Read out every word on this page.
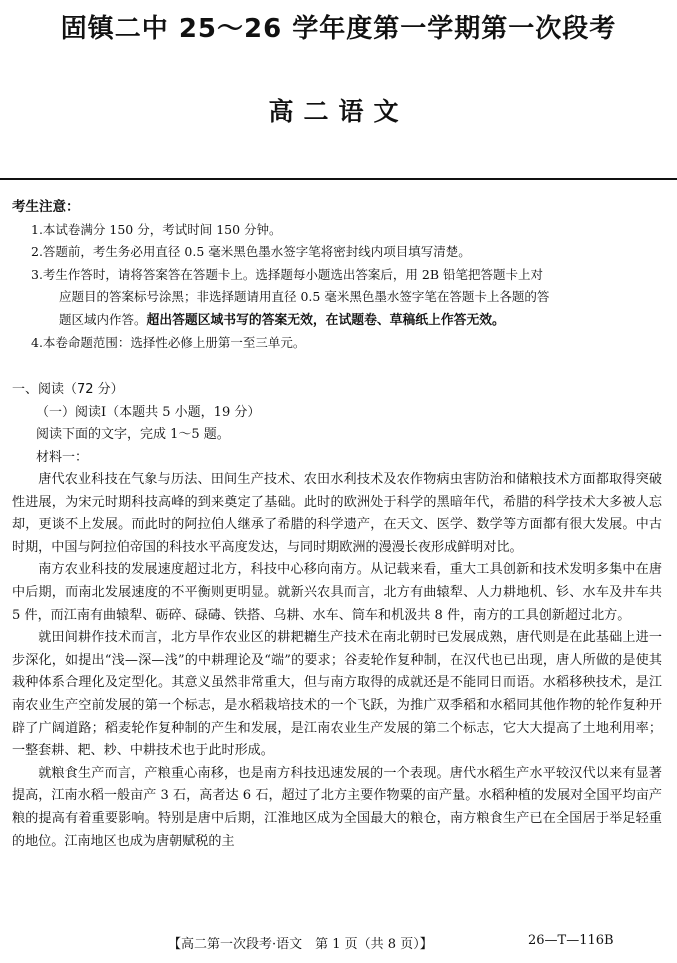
固镇二中 25～26 学年度第一学期第一次段考
高二语文
考生注意：
1.本试卷满分 150 分，考试时间 150 分钟。
2.答题前，考生务必用直径 0.5 毫米黑色墨水签字笔将密封线内项目填写清楚。
3.考生作答时，请将答案答在答题卡上。选择题每小题选出答案后，用 2B 铅笔把答题卡上对
应题目的答案标号涂黑；非选择题请用直径 0.5 毫米黑色墨水签字笔在答题卡上各题的答
题区域内作答。超出答题区域书写的答案无效，在试题卷、草稿纸上作答无效。
4.本卷命题范围：选择性必修上册第一至三单元。
一、阅读（72 分）
（一）阅读Ⅰ（本题共 5 小题，19 分）
阅读下面的文字，完成 1～5 题。
材料一：

唐代农业科技在气象与历法、田间生产技术、农田水利技术及农作物病虫害防治和储粮技术方面都取得突破性进展，为宋元时期科技高峰的到来奠定了基础。此时的欧洲处于科学的黑暗年代，希腊的科学技术大多被人忘却，更谈不上发展。而此时的阿拉伯人继承了希腊的科学遗产，在天文、医学、数学等方面都有很大发展。中古时期，中国与阿拉伯帝国的科技水平高度发达，与同时期欧洲的漫漫长夜形成鲜明对比。

南方农业科技的发展速度超过北方，科技中心移向南方。从记载来看，重大工具创新和技术发明多集中在唐中后期，而南北发展速度的不平衡则更明显。就新兴农具而言，北方有曲辕犁、人力耕地机、钐、水车及井车共 5 件，而江南有曲辕犁、砺碎、碌碡、铁搭、乌耕、水车、筒车和机汲共 8 件，南方的工具创新超过北方。

就田间耕作技术而言，北方旱作农业区的耕耙耱生产技术在南北朝时已发展成熟，唐代则是在此基础上进一步深化，如提出“浅—深—浅”的中耕理论及“端”的要求；谷麦轮作复种制，在汉代也已出现，唐人所做的是使其栽种体系合理化及定型化。其意义虽然非常重大，但与南方取得的成就还是不能同日而语。水稻移秧技术，是江南农业生产空前发展的第一个标志，是水稻栽培技术的一个飞跃，为推广双季稻和水稻同其他作物的轮作复种开辟了广阔道路；稻麦轮作复种制的产生和发展，是江南农业生产发展的第二个标志，它大大提高了土地利用率；一整套耕、耙、耖、中耕技术也于此时形成。

就粮食生产而言，产粮重心南移，也是南方科技迅速发展的一个表现。唐代水稻生产水平较汉代以来有显著提高，江南水稻一般亩产 3 石，高者达 6 石，超过了北方主要作物粟的亩产量。水稻种植的发展对全国平均亩产粮的提高有着重要影响。特别是唐中后期，江淮地区成为全国最大的粮仓，南方粮食生产已在全国居于举足轻重的地位。江南地区也成为唐朝赋税的主

【高二第一次段考·语文　第 1 页（共 8 页）】	26—T—116B
